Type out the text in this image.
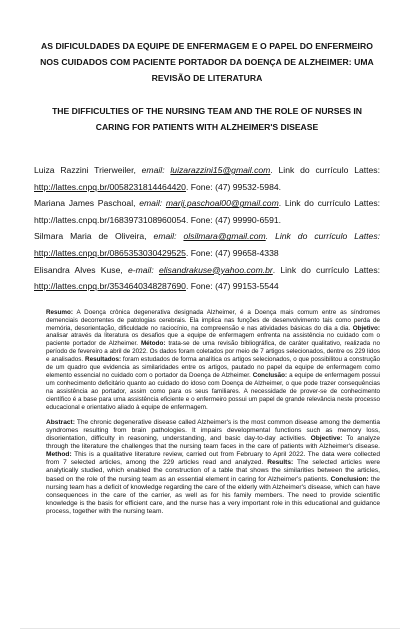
AS DIFICULDADES DA EQUIPE DE ENFERMAGEM E O PAPEL DO ENFERMEIRO NOS CUIDADOS COM PACIENTE PORTADOR DA DOENÇA DE ALZHEIMER: UMA REVISÃO DE LITERATURA
THE DIFFICULTIES OF THE NURSING TEAM AND THE ROLE OF NURSES IN CARING FOR PATIENTS WITH ALZHEIMER'S DISEASE
Luiza Razzini Trierweiler, email: luizarazzini15@gmail.com. Link do currículo Lattes: http://lattes.cnpq.br/0058231814464420. Fone: (47) 99532-5984.
Mariana James Paschoal, email: marij.paschoal00@gmail.com. Link do currículo Lattes: http://lattes.cnpq.br/1683973108960054. Fone: (47) 99990-6591.
Silmara Maria de Oliveira, email: olsilmara@gmail.com. Link do currículo Lattes: http://lattes.cnpq.br/0865353030429525. Fone: (47) 99658-4338
Elisandra Alves Kuse, e-mail: elisandrakuse@yahoo.com.br. Link do currículo Lattes: http://lattes.cnpq.br/3534640348287690. Fone: (47) 99153-5544
Resumo: A Doença crônica degenerativa designada Alzheimer, é a Doença mais comum entre as síndromes demenciais decorrentes de patologias cerebrais. Ela implica nas funções de desenvolvimento tais como perda de memória, desorientação, dificuldade no raciocínio, na compreensão e nas atividades básicas do dia a dia. Objetivo: analisar através da literatura os desafios que a equipe de enfermagem enfrenta na assistência no cuidado com o paciente portador de Alzheimer. Método: trata-se de uma revisão bibliográfica, de caráter qualitativo, realizada no período de fevereiro a abril de 2022. Os dados foram coletados por meio de 7 artigos selecionados, dentre os 229 lidos e analisados. Resultados: foram estudados de forma analítica os artigos selecionados, o que possibilitou a construção de um quadro que evidencia as similaridades entre os artigos, pautado no papel da equipe de enfermagem como elemento essencial no cuidado com o portador da Doença de Alzheimer. Conclusão: a equipe de enfermagem possui um conhecimento deficitário quanto ao cuidado do idoso com Doença de Alzheimer, o que pode trazer consequências na assistência ao portador, assim como para os seus familiares. A necessidade de prover-se de conhecimento científico é a base para uma assistência eficiente e o enfermeiro possui um papel de grande relevância neste processo educacional e orientativo aliado à equipe de enfermagem.
Abstract: The chronic degenerative disease called Alzheimer's is the most common disease among the dementia syndromes resulting from brain pathologies. It impairs developmental functions such as memory loss, disorientation, difficulty in reasoning, understanding, and basic day-to-day activities. Objective: To analyze through the literature the challenges that the nursing team faces in the care of patients with Alzheimer's disease. Method: This is a qualitative literature review, carried out from February to April 2022. The data were collected from 7 selected articles, among the 229 articles read and analyzed. Results: The selected articles were analytically studied, which enabled the construction of a table that shows the similarities between the articles, based on the role of the nursing team as an essential element in caring for Alzheimer's patients. Conclusion: the nursing team has a deficit of knowledge regarding the care of the elderly with Alzheimer's disease, which can have consequences in the care of the carrier, as well as for his family members. The need to provide scientific knowledge is the basis for efficient care, and the nurse has a very important role in this educational and guidance process, together with the nursing team.
